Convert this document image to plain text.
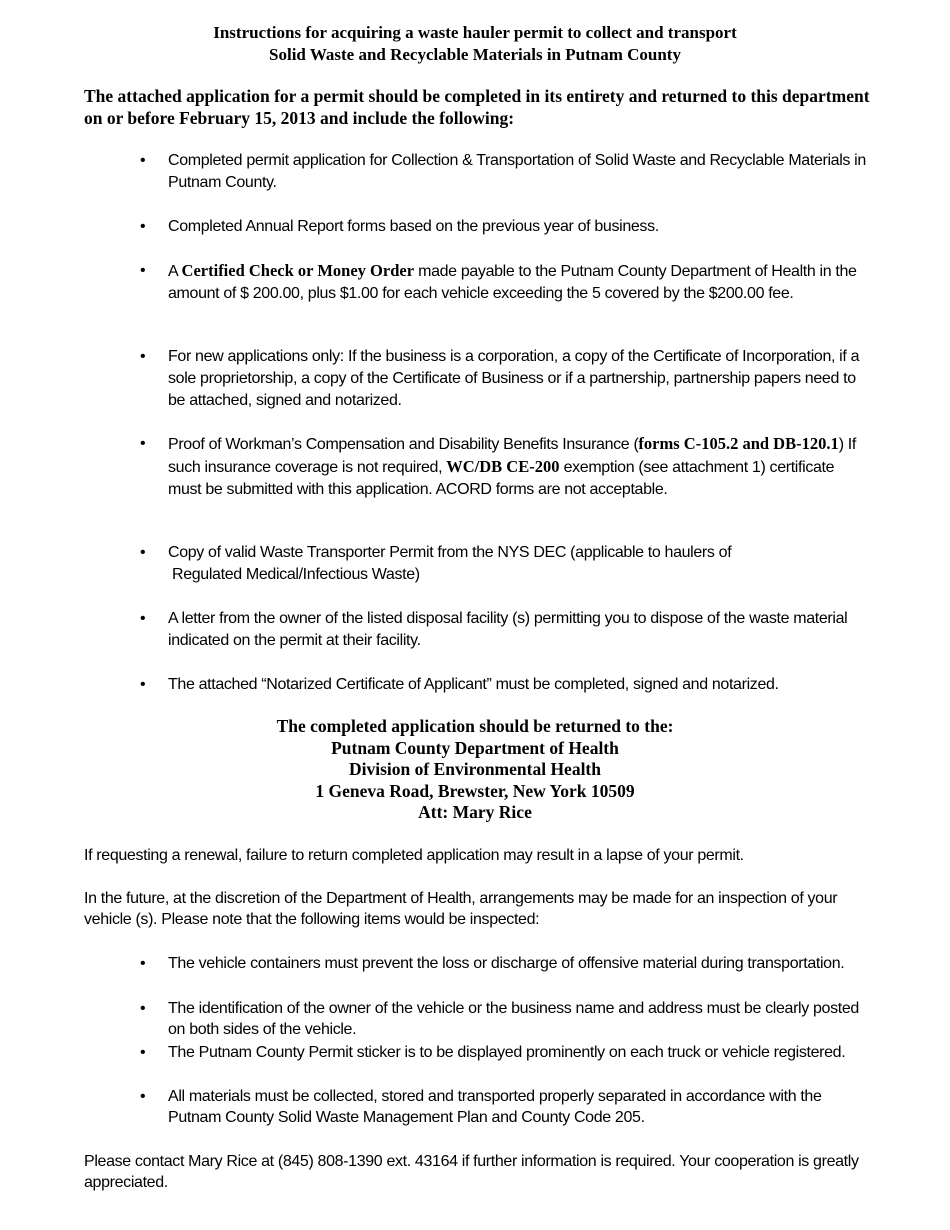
Instructions for acquiring a waste hauler permit to collect and transport
Solid Waste and Recyclable Materials in Putnam County
The attached application for a permit should be completed in its entirety and returned to this department on or before February 15, 2013 and include the following:
• Completed permit application for Collection & Transportation of Solid Waste and Recyclable Materials in Putnam County.
• Completed Annual Report forms based on the previous year of business.
• A Certified Check or Money Order made payable to the Putnam County Department of Health in the amount of $ 200.00, plus $1.00 for each vehicle exceeding the 5 covered by the $200.00 fee.
• For new applications only: If the business is a corporation, a copy of the Certificate of Incorporation, if a sole proprietorship, a copy of the Certificate of Business or if a partnership, partnership papers need to be attached, signed and notarized.
• Proof of Workman’s Compensation and Disability Benefits Insurance (forms C-105.2 and DB-120.1) If such insurance coverage is not required, WC/DB CE-200 exemption (see attachment 1) certificate must be submitted with this application. ACORD forms are not acceptable.
• Copy of valid Waste Transporter Permit from the NYS DEC (applicable to haulers of
Regulated Medical/Infectious Waste)
• A letter from the owner of the listed disposal facility (s) permitting you to dispose of the waste material indicated on the permit at their facility.
• The attached “Notarized Certificate of Applicant” must be completed, signed and notarized.
The completed application should be returned to the:
Putnam County Department of Health
Division of Environmental Health
1 Geneva Road, Brewster, New York 10509
Att: Mary Rice
If requesting a renewal, failure to return completed application may result in a lapse of your permit.
In the future, at the discretion of the Department of Health, arrangements may be made for an inspection of your vehicle (s). Please note that the following items would be inspected:
• The vehicle containers must prevent the loss or discharge of offensive material during transportation.
• The identification of the owner of the vehicle or the business name and address must be clearly posted on both sides of the vehicle.
• The Putnam County Permit sticker is to be displayed prominently on each truck or vehicle registered.
• All materials must be collected, stored and transported properly separated in accordance with the Putnam County Solid Waste Management Plan and County Code 205.
Please contact Mary Rice at (845) 808-1390 ext. 43164 if further information is required. Your cooperation is greatly appreciated.
